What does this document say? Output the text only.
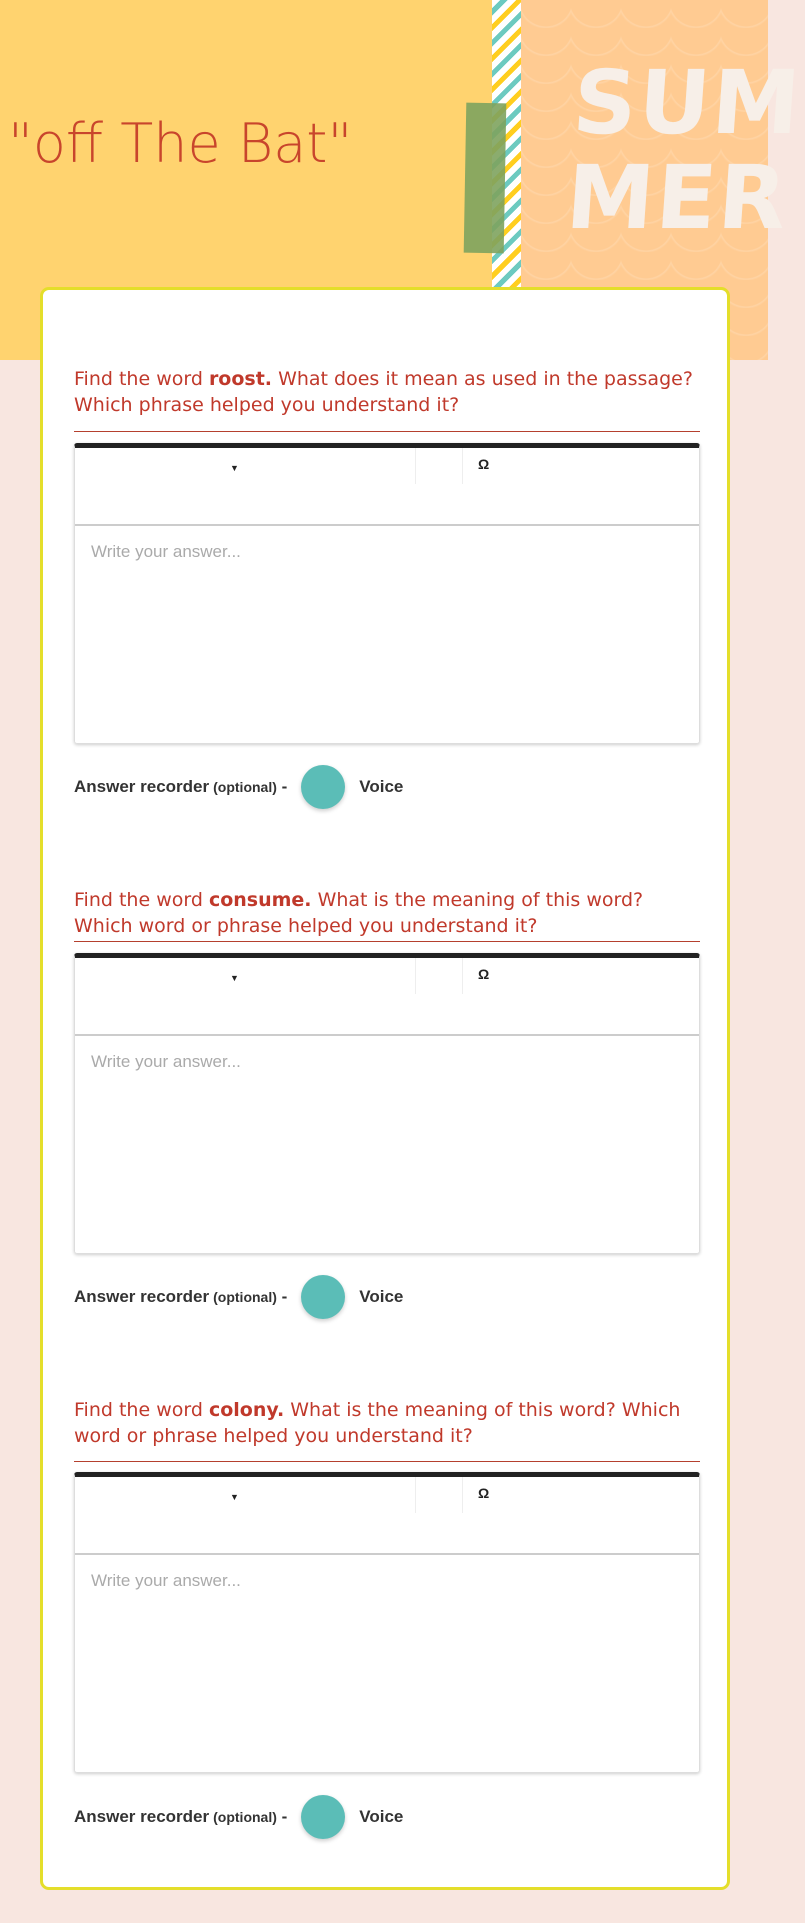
SUM
MER
"off The Bat"
Find the word roost. What does it mean as used in the passage? Which phrase helped you understand it?
▼	Ω
Write your answer...
Answer recorder (optional)
-	Voice
Find the word consume. What is the meaning of this word? Which word or phrase helped you understand it?
▼	Ω
Write your answer...
Answer recorder (optional)
-	Voice
Find the word colony. What is the meaning of this word? Which word or phrase helped you understand it?
▼	Ω
Write your answer...
Answer recorder (optional)
-	Voice
